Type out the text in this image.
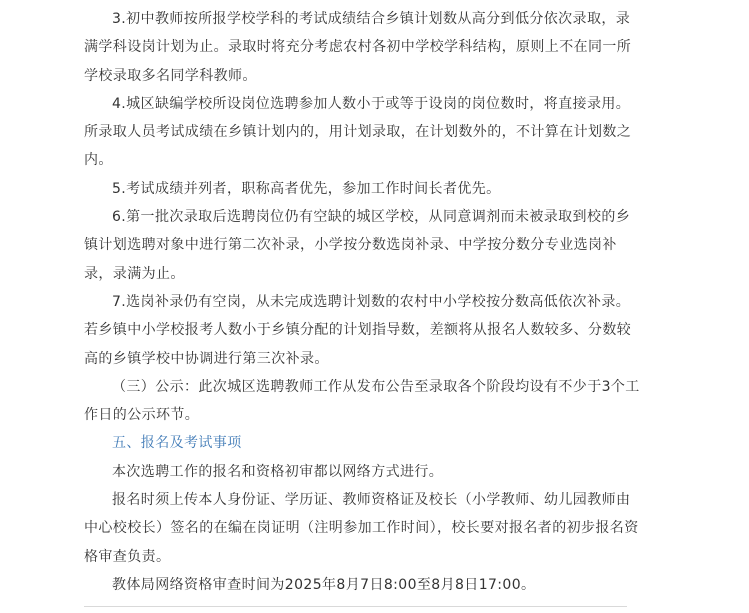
3.初中教师按所报学校学科的考试成绩结合乡镇计划数从高分到低分依次录取，录满学科设岗计划为止。录取时将充分考虑农村各初中学校学科结构，原则上不在同一所学校录取多名同学科教师。

4.城区缺编学校所设岗位选聘参加人数小于或等于设岗的岗位数时，将直接录用。所录取人员考试成绩在乡镇计划内的，用计划录取，在计划数外的，不计算在计划数之内。

5.考试成绩并列者，职称高者优先，参加工作时间长者优先。

6.第一批次录取后选聘岗位仍有空缺的城区学校，从同意调剂而未被录取到校的乡镇计划选聘对象中进行第二次补录，小学按分数选岗补录、中学按分数分专业选岗补录，录满为止。

7.选岗补录仍有空岗，从未完成选聘计划数的农村中小学校按分数高低依次补录。若乡镇中小学校报考人数小于乡镇分配的计划指导数，差额将从报名人数较多、分数较高的乡镇学校中协调进行第三次补录。

（三）公示：此次城区选聘教师工作从发布公告至录取各个阶段均设有不少于3个工作日的公示环节。

五、报名及考试事项

本次选聘工作的报名和资格初审都以网络方式进行。

报名时须上传本人身份证、学历证、教师资格证及校长（小学教师、幼儿园教师由中心校校长）签名的在编在岗证明（注明参加工作时间），校长要对报名者的初步报名资格审查负责。

教体局网络资格审查时间为2025年8月7日8:00至8月8日17:00。
